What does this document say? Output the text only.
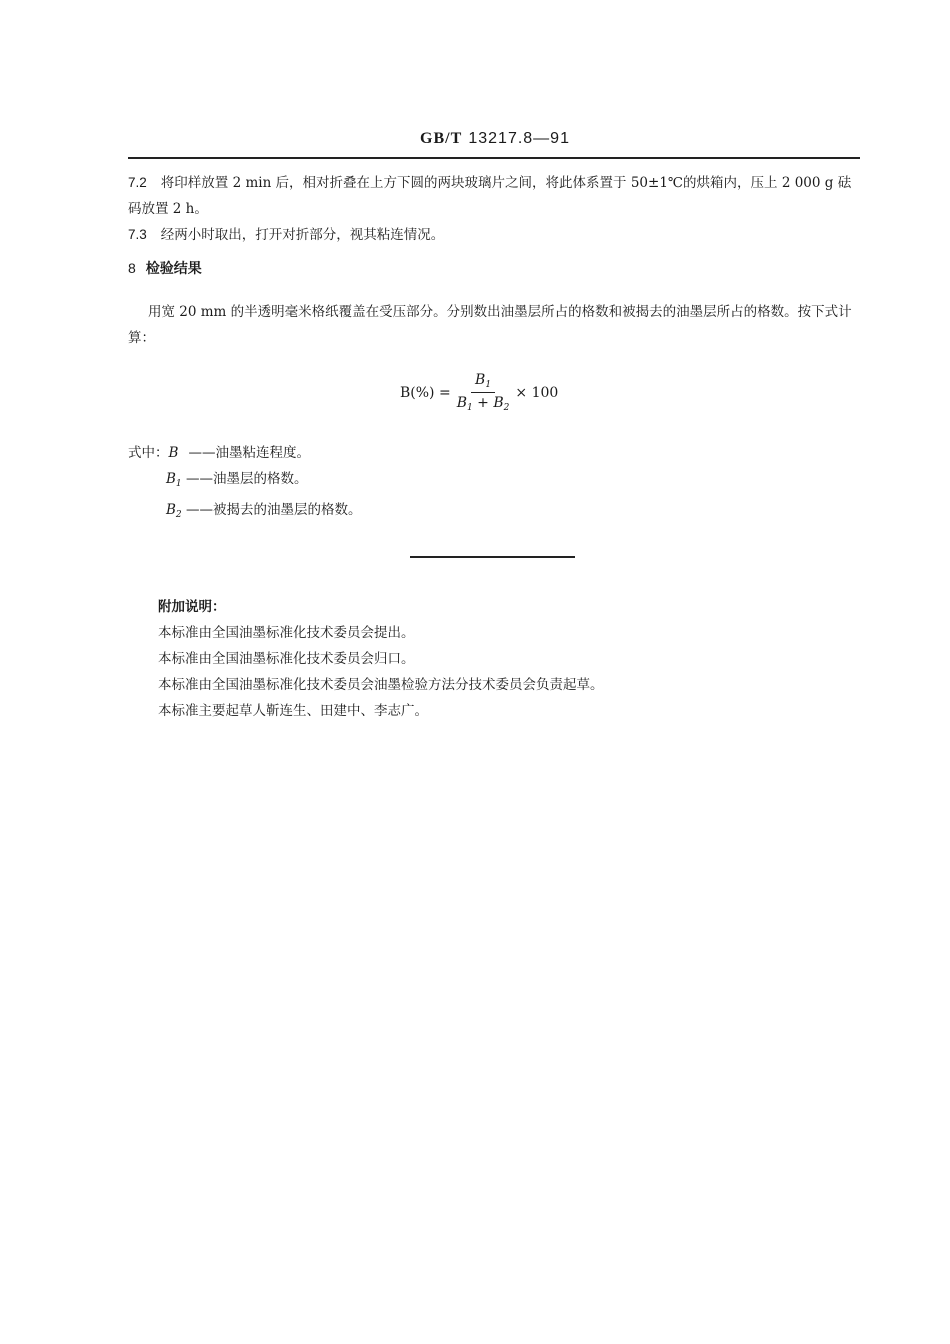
GB/T 13217.8—91
7.2 将印样放置 2 min 后，相对折叠在上方下圆的两块玻璃片之间，将此体系置于 50±1℃的烘箱内，压上 2 000 g 砝码放置 2 h。
7.3 经两小时取出，打开对折部分，视其粘连情况。
8 检验结果
用宽 20 mm 的半透明毫米格纸覆盖在受压部分。分别数出油墨层所占的格数和被揭去的油墨层所占的格数。按下式计算：
$B(\%) = \frac{B_1}{B_1 + B_2} \times 100$
式中：B ——油墨粘连程度。
$B_1$ ——油墨层的格数。
$B_2$ ——被揭去的油墨层的格数。
附加说明：
本标准由全国油墨标准化技术委员会提出。
本标准由全国油墨标准化技术委员会归口。
本标准由全国油墨标准化技术委员会油墨检验方法分技术委员会负责起草。
本标准主要起草人靳连生、田建中、李志广。
